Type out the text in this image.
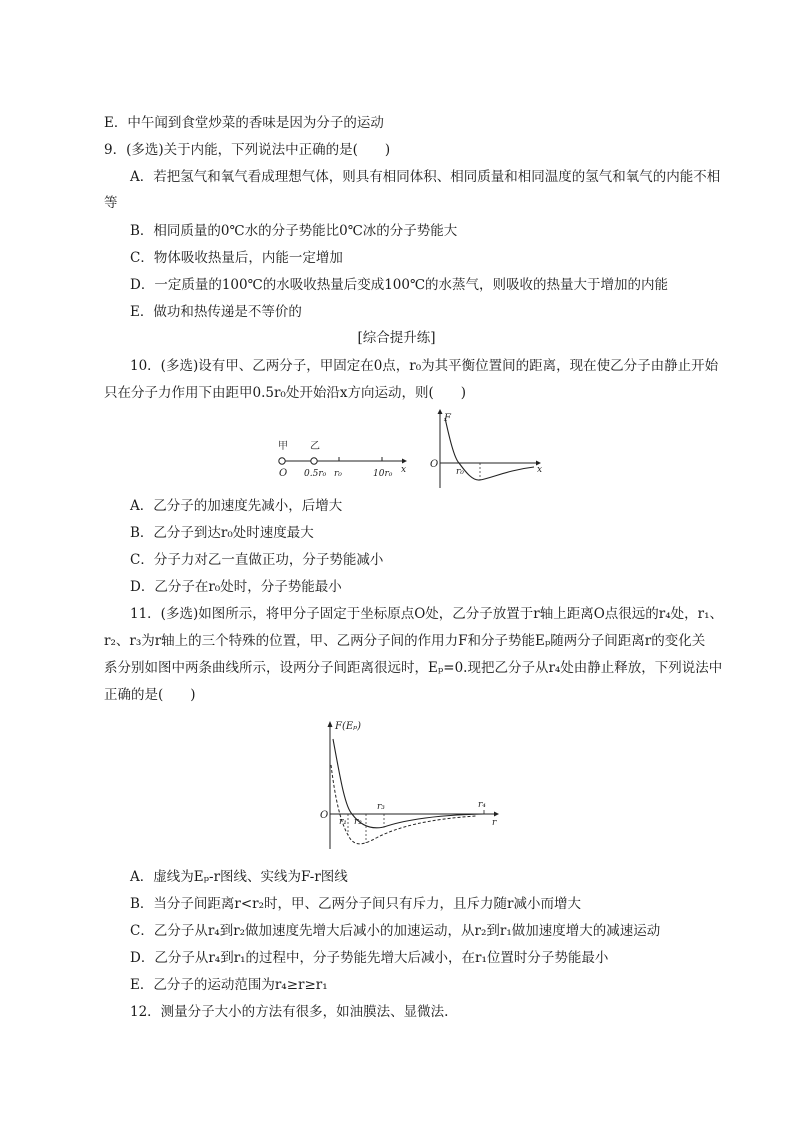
E．中午闻到食堂炒菜的香味是因为分子的运动
9．(多选)关于内能，下列说法中正确的是(　　)
A．若把氢气和氧气看成理想气体，则具有相同体积、相同质量和相同温度的氢气和氧气的内能不相
等
B．相同质量的0℃水的分子势能比0℃冰的分子势能大
C．物体吸收热量后，内能一定增加
D．一定质量的100℃的水吸收热量后变成100℃的水蒸气，则吸收的热量大于增加的内能
E．做功和热传递是不等价的
[综合提升练]
10．(多选)设有甲、乙两分子，甲固定在0点，r₀为其平衡位置间的距离，现在使乙分子由静止开始
只在分子力作用下由距甲0.5r₀处开始沿x方向运动，则(　　)
甲 乙
O 0.5r₀ r₀	10r₀ x
F
O
r₀	x
A．乙分子的加速度先减小，后增大
B．乙分子到达r₀处时速度最大
C．分子力对乙一直做正功，分子势能减小
D．乙分子在r₀处时，分子势能最小
11．(多选)如图所示，将甲分子固定于坐标原点O处，乙分子放置于r轴上距离O点很远的r₄处，r₁、
r₂、r₃为r轴上的三个特殊的位置，甲、乙两分子间的作用力F和分子势能Eₚ随两分子间距离r的变化关
系分别如图中两条曲线所示，设两分子间距离很远时，Eₚ=0.现把乙分子从r₄处由静止释放，下列说法中
正确的是(　　)
F(Eₚ)
O
r₁ r₂
r₃	r₄
r
A．虚线为Eₚ-r图线、实线为F-r图线
B．当分子间距离r<r₂时，甲、乙两分子间只有斥力，且斥力随r减小而增大
C．乙分子从r₄到r₂做加速度先增大后减小的加速运动，从r₂到r₁做加速度增大的减速运动
D．乙分子从r₄到r₁的过程中，分子势能先增大后减小，在r₁位置时分子势能最小
E．乙分子的运动范围为r₄≥r≥r₁
12．测量分子大小的方法有很多，如油膜法、显微法.
